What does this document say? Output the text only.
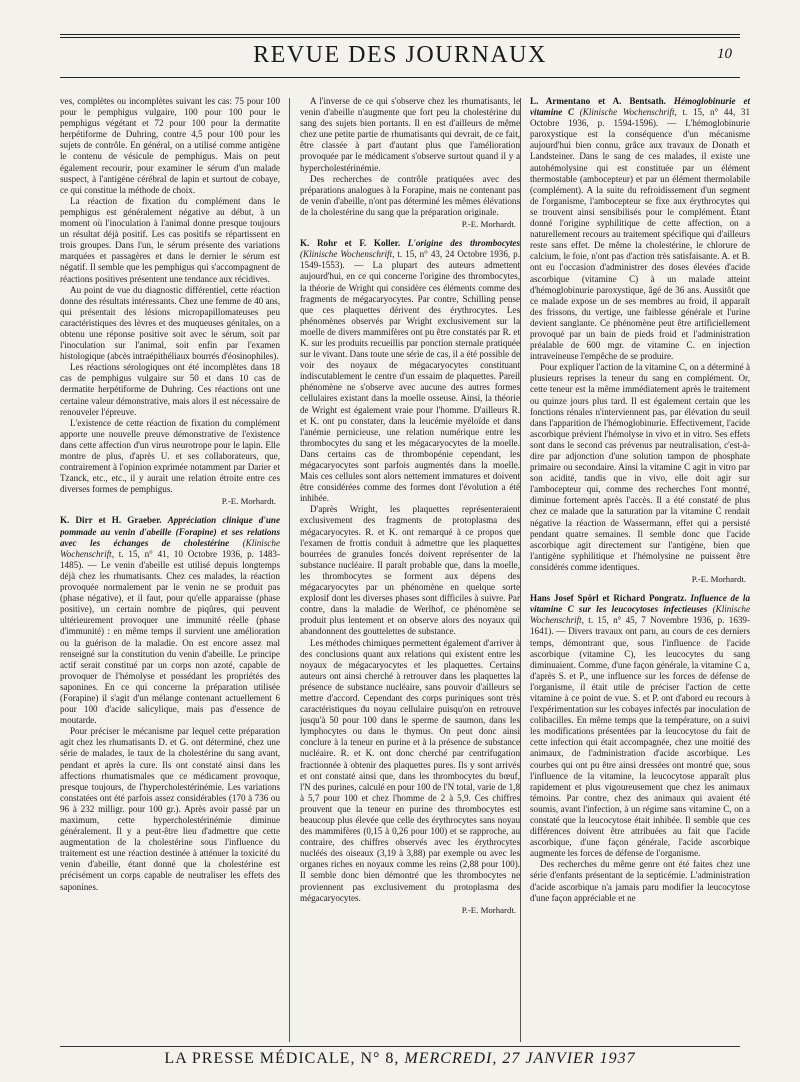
REVUE DES JOURNAUX	10

ves, complètes ou incomplètes suivant les cas: 75 pour 100 pour le pemphigus vulgaire, 100 pour 100 pour le pemphigus végétant et 72 pour 100 pour la dermatite herpétiforme de Duhring, contre 4,5 pour 100 pour les sujets de contrôle. En général, on a utilisé comme antigène le contenu de vésicule de pemphigus. Mais on peut également recourir, pour examiner le sérum d'un malade suspect, à l'antigène cérébral de lapin et surtout de cobaye, ce qui constitue la méthode de choix.

La réaction de fixation du complément dans le pemphigus est généralement négative au début, à un moment où l'inoculation à l'animal donne presque toujours un résultat déjà positif. Les cas positifs se répartissent en trois groupes. Dans l'un, le sérum présente des variations marquées et passagères et dans le dernier le sérum est négatif. Il semble que les pemphigus qui s'accompagnent de réactions positives présentent une tendance aux récidives.

Au point de vue du diagnostic différentiel, cette réaction donne des résultats intéressants. Chez une femme de 40 ans, qui présentait des lésions micropapillomateuses peu caractéristiques des lèvres et des muqueuses génitales, on a obtenu une réponse positive soit avec le sérum, soit par l'inoculation sur l'animal, soit enfin par l'examen histologique (abcès intraépithéliaux bourrés d'éosinophiles).

Les réactions sérologiques ont été incomplètes dans 18 cas de pemphigus vulgaire sur 50 et dans 10 cas de dermatite herpétiforme de Duhring. Ces réactions ont une certaine valeur démonstrative, mais alors il est nécessaire de renouveler l'épreuve.

L'existence de cette réaction de fixation du complément apporte une nouvelle preuve démonstrative de l'existence dans cette affection d'un virus neurotrope pour le lapin. Elle montre de plus, d'après U. et ses collaborateurs, que, contrairement à l'opinion exprimée notamment par Darier et Tzanck, etc., etc., il y aurait une relation étroite entre ces diverses formes de pemphigus.

P.-E. Morhardt.

K. Dirr et H. Graeber. Appréciation clinique d'une pommade au venin d'abeille (Forapine) et ses relations avec les échanges de cholestérine (Klinische Wochenschrift, t. 15, n° 41, 10 Octobre 1936, p. 1483-1485). — Le venin d'abeille est utilisé depuis longtemps déjà chez les rhumatisants. Chez ces malades, la réaction provoquée normalement par le venin ne se produit pas (phase négative), et il faut, pour qu'elle apparaisse (phase positive), un certain nombre de piqûres, qui peuvent ultérieurement provoquer une immunité réelle (phase d'immunité) : en même temps il survient une amélioration ou la guérison de la maladie. On est encore assez mal renseigné sur la constitution du venin d'abeille. Le principe actif serait constitué par un corps non azoté, capable de provoquer de l'hémolyse et possédant les propriétés des saponines. En ce qui concerne la préparation utilisée (Forapine) il s'agit d'un mélange contenant actuellement 6 pour 100 d'acide salicylique, mais pas d'essence de moutarde.

Pour préciser le mécanisme par lequel cette préparation agit chez les rhumatisants D. et G. ont déterminé, chez une série de malades, le taux de la cholestérine du sang avant, pendant et après la cure. Ils ont constaté ainsi dans les affections rhumatismales que ce médicament provoque, presque toujours, de l'hypercholestérinémie. Les variations constatées ont été parfois assez considérables (170 à 736 ou 96 à 232 milligr. pour 100 gr.). Après avoir passé par un maximum, cette hypercholestérinémie diminue généralement. Il y a peut-être lieu d'admettre que cette augmentation de la cholestérine sous l'influence du traitement est une réaction destinée à atténuer la toxicité du venin d'abeille, étant donné que la cholestérine est précisément un corps capable de neutraliser les effets des saponines.

A l'inverse de ce qui s'observe chez les rhumatisants, le venin d'abeille n'augmente que fort peu la cholestérine du sang des sujets bien portants. Il en est d'ailleurs de même chez une petite partie de rhumatisants qui devrait, de ce fait, être classée à part d'autant plus que l'amélioration provoquée par le médicament s'observe surtout quand il y a hypercholestérinémie.

Des recherches de contrôle pratiquées avec des préparations analogues à la Forapine, mais ne contenant pas de venin d'abeille, n'ont pas déterminé les mêmes élévations de la cholestérine du sang que la préparation originale.

P.-E. Morhardt.

K. Rohr et F. Koller. L'origine des thrombocytes (Klinische Wochenschrift, t. 15, n° 43, 24 Octobre 1936, p. 1549-1553). — La plupart des auteurs admettent aujourd'hui, en ce qui concerne l'origine des thrombocytes, la théorie de Wright qui considère ces éléments comme des fragments de mégacaryocytes. Par contre, Schilling pense que ces plaquettes dérivent des érythrocytes. Les phénomènes observés par Wright exclusivement sur la moelle de divers mammifères ont pu être constatés par R. et K. sur les produits recueillis par ponction sternale pratiquée sur le vivant. Dans toute une série de cas, il a été possible de voir des noyaux de mégacaryocytes constituant indiscutablement le centre d'un essaim de plaquettes. Pareil phénomène ne s'observe avec aucune des autres formes cellulaires existant dans la moelle osseuse. Ainsi, la théorie de Wright est également vraie pour l'homme. D'ailleurs R. et K. ont pu constater, dans la leucémie myéloïde et dans l'anémie pernicieuse, une relation numérique entre les thrombocytes du sang et les mégacaryocytes de la moelle. Dans certains cas de thrombopénie cependant, les mégacaryocytes sont parfois augmentés dans la moelle. Mais ces cellules sont alors nettement immatures et doivent être considérées comme des formes dont l'évolution a été inhibée.

D'après Wright, les plaquettes représenteraient exclusivement des fragments de protoplasma des mégacaryocytes. R. et K. ont remarqué à ce propos que l'examen de frottis conduit à admettre que les plaquettes bourrées de granules foncés doivent représenter de la substance nucléaire. Il paraît probable que, dans la moelle, les thrombocytes se forment aux dépens des mégacaryocytes par un phénomène en quelque sorte explosif dont les diverses phases sont difficiles à suivre. Par contre, dans la maladie de Werlhof, ce phénomène se produit plus lentement et on observe alors des noyaux qui abandonnent des gouttelettes de substance.

Les méthodes chimiques permettent également d'arriver à des conclusions quant aux relations qui existent entre les noyaux de mégacaryocytes et les plaquettes. Certains auteurs ont ainsi cherché à retrouver dans les plaquettes la présence de substance nucléaire, sans pouvoir d'ailleurs se mettre d'accord. Cependant des corps puriniques sont très caractéristiques du noyau cellulaire puisqu'on en retrouve jusqu'à 50 pour 100 dans le sperme de saumon, dans les lymphocytes ou dans le thymus. On peut donc ainsi conclure à la teneur en purine et à la présence de substance nucléaire. R. et K. ont donc cherché par centrifugation fractionnée à obtenir des plaquettes pures. Ils y sont arrivés et ont constaté ainsi que, dans les thrombocytes du bœuf, l'N des purines, calculé en pour 100 de l'N total, varie de 1,8 à 5,7 pour 100 et chez l'homme de 2 à 5,9. Ces chiffres prouvent que la teneur en purine des thrombocytes est beaucoup plus élevée que celle des érythrocytes sans noyau des mammifères (0,15 à 0,26 pour 100) et se rapproche, au contraire, des chiffres observés avec les érythrocytes nucléés des oiseaux (3,19 à 3,88) par exemple ou avec les organes riches en noyaux comme les reins (2,88 pour 100). Il semble donc bien démontré que les thrombocytes ne proviennent pas exclusivement du protoplasma des mégacaryocytes.

P.-E. Morhardt.

L. Armentano et A. Bentsath. Hémoglobinurie et vitamine C (Klinische Wochenschrift, t. 15, n° 44, 31 Octobre 1936, p. 1594-1596). — L'hémoglobinurie paroxystique est la conséquence d'un mécanisme aujourd'hui bien connu, grâce aux travaux de Donath et Landsteiner. Dans le sang de ces malades, il existe une autohémolysine qui est constituée par un élément thermostable (ambocepteur) et par un élément thermolabile (complément). A la suite du refroidissement d'un segment de l'organisme, l'ambocepteur se fixe aux érythrocytes qui se trouvent ainsi sensibilisés pour le complément. Étant donné l'origine syphilitique de cette affection, on a naturellement recours au traitement spécifique qui d'ailleurs reste sans effet. De même la cholestérine, le chlorure de calcium, le foie, n'ont pas d'action très satisfaisante. A. et B. ont eu l'occasion d'administrer des doses élevées d'acide ascorbique (vitamine C) à un malade atteint d'hémoglobinurie paroxystique, âgé de 36 ans. Aussitôt que ce malade expose un de ses membres au froid, il apparaît des frissons, du vertige, une faiblesse générale et l'urine devient sanglante. Ce phénomène peut être artificiellement provoqué par un bain de pieds froid et l'administration préalable de 600 mgr. de vitamine C. en injection intraveineuse l'empêche de se produire.

Pour expliquer l'action de la vitamine C, on a déterminé à plusieurs reprises la teneur du sang en complément. Or, cette teneur est la même immédiatement après le traitement ou quinze jours plus tard. Il est également certain que les fonctions rénales n'interviennent pas, par élévation du seuil dans l'apparition de l'hémoglobinurie. Effectivement, l'acide ascorbique prévient l'hémolyse in vivo et in vitro. Ses effets sont dans le second cas prévenus par neutralisation, c'est-à-dire par adjonction d'une solution tampon de phosphate primaire ou secondaire. Ainsi la vitamine C agit in vitro par son acidité, tandis que in vivo, elle doit agir sur l'ambocepteur qui, comme des recherches l'ont montré, diminue fortement après l'accès. Il a été constaté de plus chez ce malade que la saturation par la vitamine C rendait négative la réaction de Wassermann, effet qui a persisté pendant quatre semaines. Il semble donc que l'acide ascorbique agit directement sur l'antigène, bien que l'antigène syphilitique et l'hémolysine ne puissent être considérés comme identiques.

P.-E. Morhardt.

Hans Josef Spörl et Richard Pongratz. Influence de la vitamine C sur les leucocytoses infectieuses (Klinische Wochenschrift, t. 15, n° 45, 7 Novembre 1936, p. 1639-1641). — Divers travaux ont paru, au cours de ces derniers temps, démontrant que, sous l'influence de l'acide ascorbique (vitamine C), les leucocytes du sang diminuaient. Comme, d'une façon générale, la vitamine C a, d'après S. et P., une influence sur les forces de défense de l'organisme, il était utile de préciser l'action de cette vitamine à ce point de vue. S. et P. ont d'abord eu recours à l'expérimentation sur les cobayes infectés par inoculation de colibacilles. En même temps que la température, on a suivi les modifications présentées par la leucocytose du fait de cette infection qui était accompagnée, chez une moitié des animaux, de l'administration d'acide ascorbique. Les courbes qui ont pu être ainsi dressées ont montré que, sous l'influence de la vitamine, la leucocytose apparaît plus rapidement et plus vigoureusement que chez les animaux témoins. Par contre, chez des animaux qui avaient été soumis, avant l'infection, à un régime sans vitamine C, on a constaté que la leucocytose était inhibée. Il semble que ces différences doivent être attribuées au fait que l'acide ascorbique, d'une façon générale, l'acide ascorbique augmente les forces de défense de l'organisme.

Des recherches du même genre ont été faites chez une série d'enfants présentant de la septicémie. L'administration d'acide ascorbique n'a jamais paru modifier la leucocytose d'une façon appréciable et ne

LA PRESSE MÉDICALE, N° 8, MERCREDI, 27 JANVIER 1937
